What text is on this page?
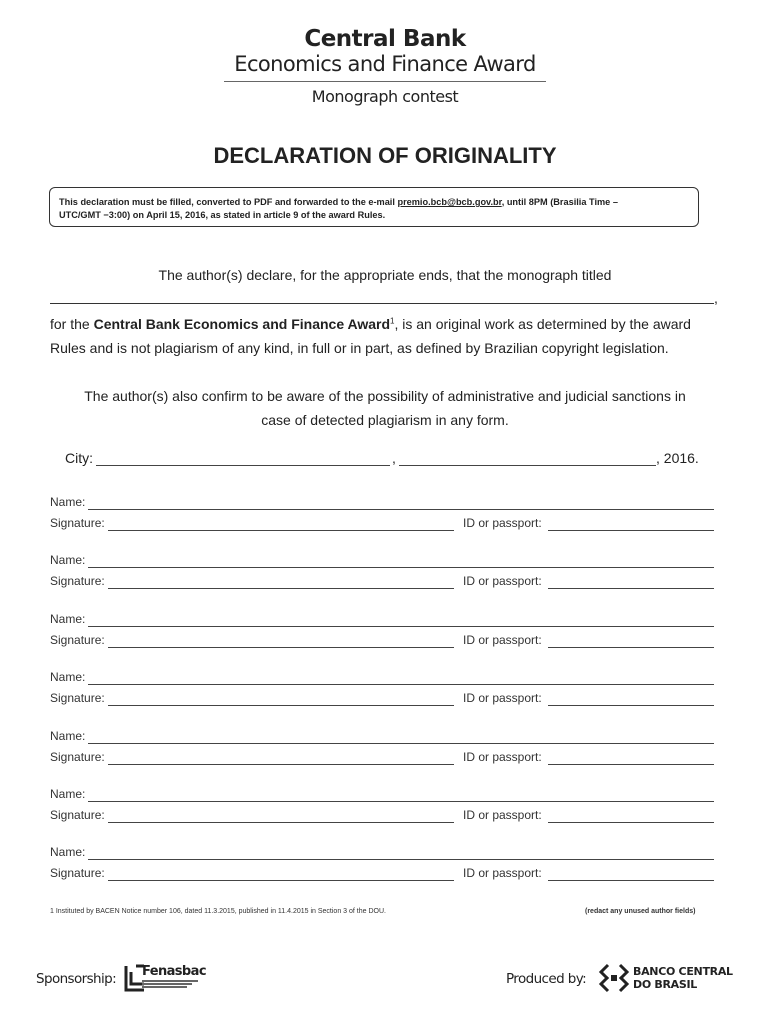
Central Bank
Economics and Finance Award
Monograph contest
DECLARATION OF ORIGINALITY
This declaration must be filled, converted to PDF and forwarded to the e-mail premio.bcb@bcb.gov.br, until 8PM (Brasilia Time –
UTC/GMT −3:00) on April 15, 2016, as stated in article 9 of the award Rules.
The author(s) declare, for the appropriate ends, that the monograph titled
,
for the Central Bank Economics and Finance Award$^1$, is an original work as determined by the award
Rules and is not plagiarism of any kind, in full or in part, as defined by Brazilian copyright legislation.
The author(s) also confirm to be aware of the possibility of administrative and judicial sanctions in
case of detected plagiarism in any form.
City:	,	, 2016.
Name:
Signature:	ID or passport:
Name:
Signature:	ID or passport:
Name:
Signature:	ID or passport:
Name:
Signature:	ID or passport:
Name:
Signature:	ID or passport:
Name:
Signature:	ID or passport:
Name:
Signature:	ID or passport:
1 Instituted by BACEN Notice number 106, dated 11.3.2015, published in 11.4.2015 in Section 3 of the DOU.	(redact any unused author fields)
Sponsorship: Fenasbac	Produced by:	BANCO CENTRAL
DO BRASIL
